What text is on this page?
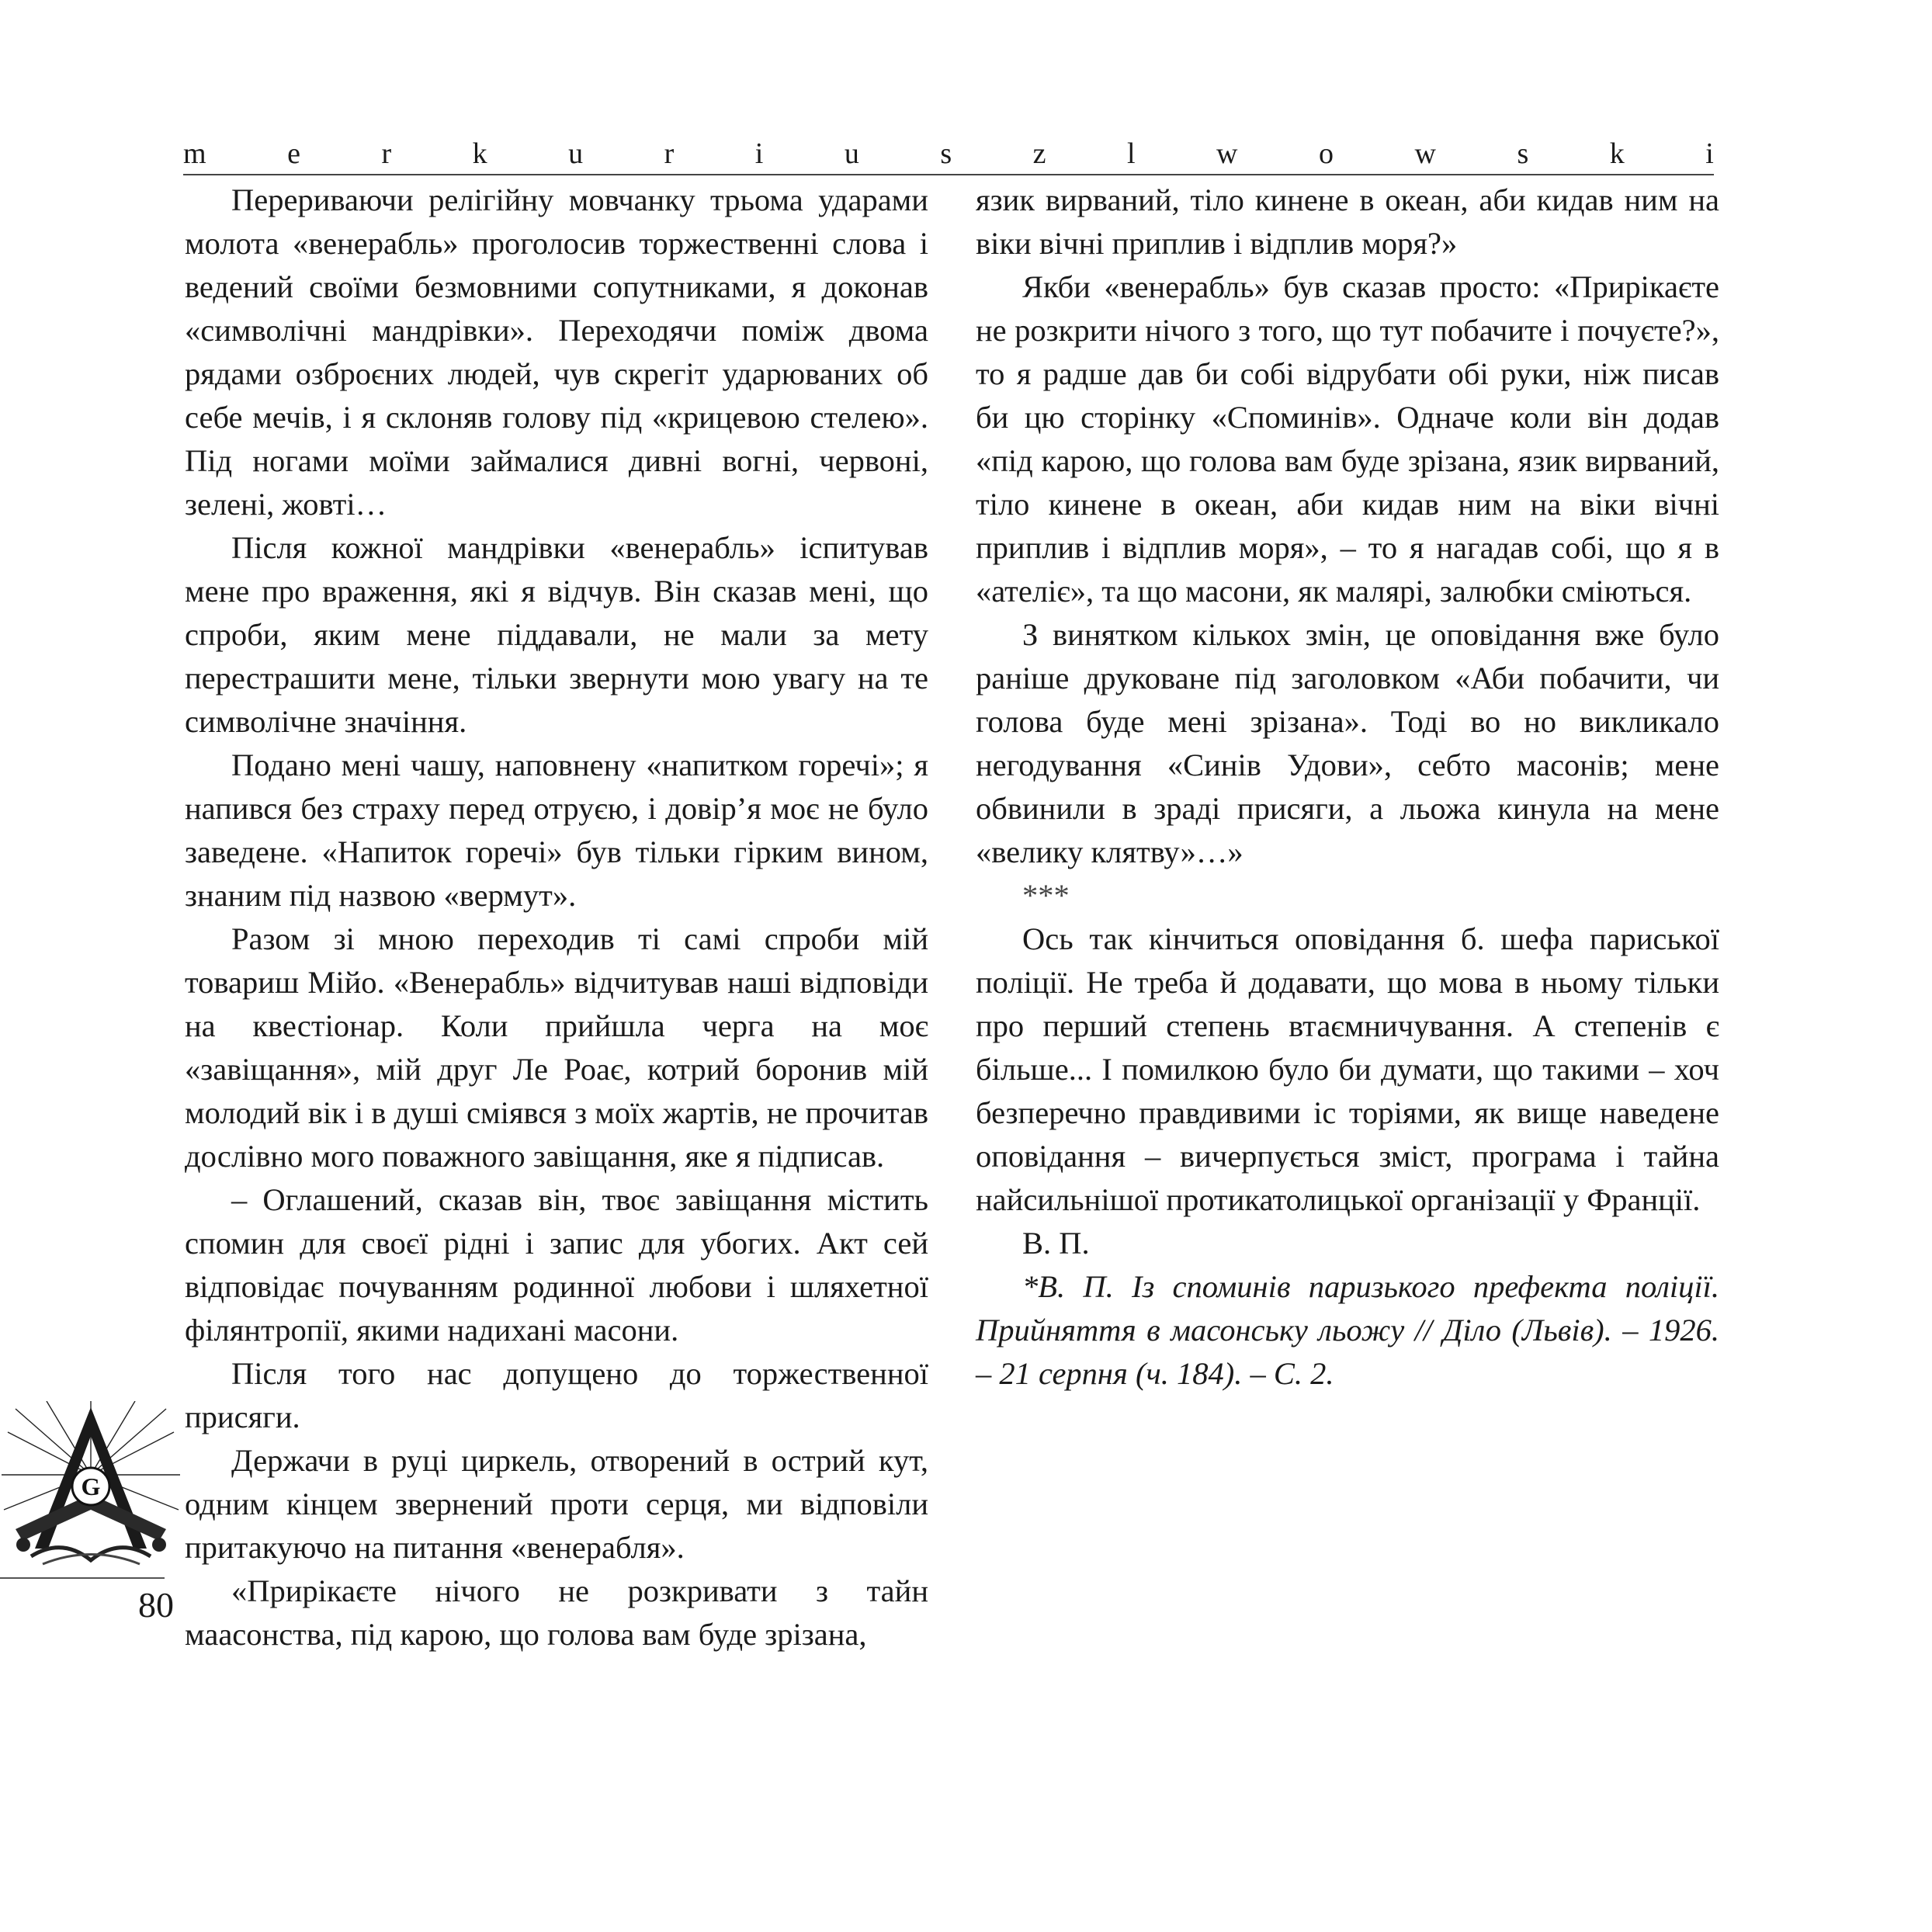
m	e	r	k	u	r	i	u	s	z	l	w	o	w	s	k	i

Перериваючи релігійну мовчанку трьома ударами молота «венерабль» проголосив торжественні слова і ведений своїми безмовними сопутниками, я доконав «символічні мандрівки». Переходячи поміж двома рядами озброєних людей, чув скрегіт ударюваних об себе мечів, і я склоняв голову під «крицевою стелею». Під ногами моїми займалися дивні вогні, червоні, зелені, жовті…

Після кожної мандрівки «венерабль» іспитував мене про враження, які я відчув. Він сказав мені, що спроби, яким мене піддавали, не мали за мету перестрашити мене, тільки звернути мою увагу на те символічне значіння.

Подано мені чашу, наповнену «напитком горечі»; я напився без страху перед отруєю, і довір’я моє не було заведене. «Напиток горечі» був тільки гірким вином, знаним під назвою «вермут».

Разом зі мною переходив ті самі спроби мій товариш Мійо. «Венерабль» відчитував наші відповіди на квестіонар. Коли прийшла черга на моє «завіщання», мій друг Ле Роає, котрий боронив мій молодий вік і в душі сміявся з моїх жартів, не прочитав дослівно мого поважного завіщання, яке я підписав.

– Оглашений, сказав він, твоє завіщання містить спомин для своєї рідні і запис для убогих. Акт сей відповідає почуванням родинної любови і шляхетної філянтропії, якими надихані масони.

Після того нас допущено до торжественної присяги.

Держачи в руці циркель, отворений в острий кут, одним кінцем звернений проти серця, ми відповіли притакуючо на питання «венерабля».

«Прирікаєте нічого не розкривати з тайн маасонства, під карою, що голова вам буде зрізана,

язик вирваний, тіло кинене в океан, аби кидав ним на віки вічні приплив і відплив моря?»

Якби «венерабль» був сказав просто: «Прирікаєте не розкрити нічого з того, що тут побачите і почуєте?», то я радше дав би собі відрубати обі руки, ніж писав би цю сторінку «Споминів». Одначе коли він додав «під карою, що голова вам буде зрізана, язик вирваний, тіло кинене в океан, аби кидав ним на віки вічні приплив і відплив моря», – то я нагадав собі, що я в «ателіє», та що масони, як малярі, залюбки сміються.

З винятком кількох змін, це оповідання вже було раніше друковане під заголовком «Аби побачити, чи голова буде мені зрізана». Тоді во но викликало негодування «Синів Удови», себто масонів; мене обвинили в зраді присяги, а льожа кинула на мене «велику клятву»…»

***

Ось так кінчиться оповідання б. шефа париської поліції. Не треба й додавати, що мова в ньому тільки про перший степень втаємничування. А степенів є більше... І помилкою було би думати, що такими – хоч безперечно правдивими іс торіями, як вище наведене оповідання – вичерпується зміст, програма і тайна найсильнішої протикатолицької організації у Франції.

В. П.

*В. П. Із споминів паризького префекта поліції. Прийняття в масонську льожу // Діло (Львів). – 1926. – 21 серпня (ч. 184). – С. 2.

G
80
